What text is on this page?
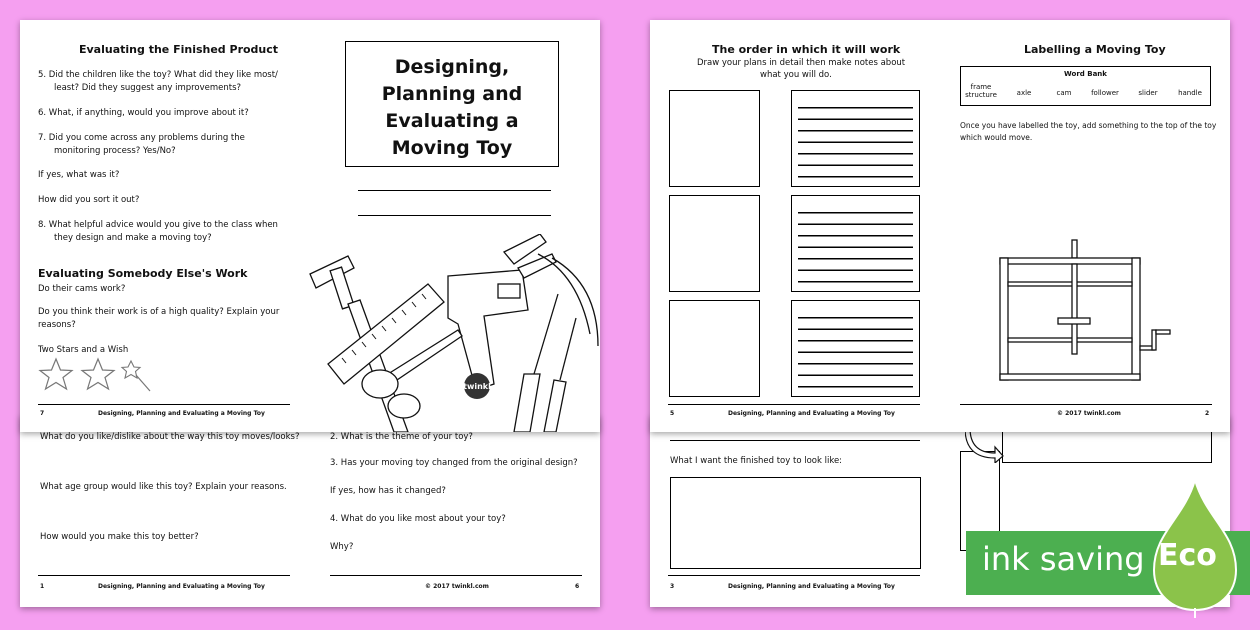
What do you like/dislike about the way this toy moves/looks?
What age group would like this toy? Explain your reasons.
How would you make this toy better?
1	Designing, Planning and Evaluating a Moving Toy
2. What is the theme of your toy?
3. Has your moving toy changed from the original design?
If yes, how has it changed?
4. What do you like most about your toy?
Why?
© 2017 twinkl.com	6
Evaluating the Finished Product
5. Did the children like the toy? What did they like most/
least? Did they suggest any improvements?
6. What, if anything, would you improve about it?
7. Did you come across any problems during the
monitoring process? Yes/No?
If yes, what was it?
How did you sort it out?
8. What helpful advice would you give to the class when
they design and make a moving toy?
Evaluating Somebody Else's Work
Do their cams work?
Do you think their work is of a high quality? Explain your
reasons?
Two Stars and a Wish
7	Designing, Planning and Evaluating a Moving Toy
Designing,
Planning and
Evaluating a
Moving Toy
twinkl
What I want the finished toy to look like:
3	Designing, Planning and Evaluating a Moving Toy
The order in which it will work
Draw your plans in detail then make notes about
what you will do.
5	Designing, Planning and Evaluating a Moving Toy
Labelling a Moving Toy
Word Bank
frame structure	axle	cam	follower	slider	handle
Once you have labelled the toy, add something to the top of the toy
which would move.
© 2017 twinkl.com	2
ink saving Eco
